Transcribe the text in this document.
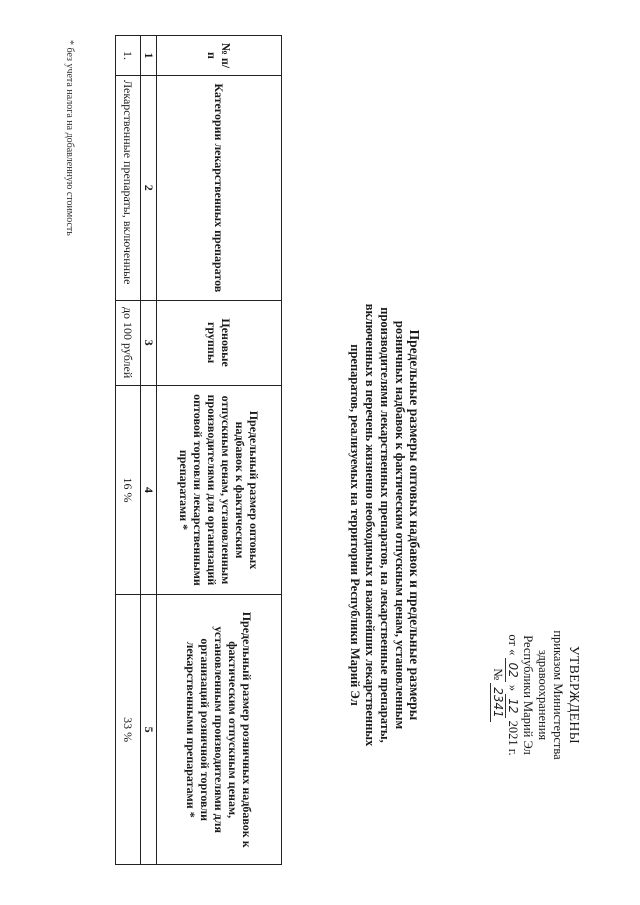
УТВЕРЖДЕНЫ
приказом Министерства
здравоохранения
Республики Марий Эл
от « 02 » 12 2021 г.
№ 2341
Предельные размеры оптовых надбавок и предельные размеры
розничных надбавок к фактическим отпускным ценам, установленным
производителями лекарственных препаратов, на лекарственные препараты,
включенных в перечень жизненно необходимых и важнейших лекарственных
препаратов, реализуемых на территории Республики Марий Эл
№ п/п	Категории лекарственных препаратов	Ценовые группы	Предельный размер оптовых надбавок к фактическим отпускным ценам, установленным производителями для организаций оптовой торговли лекарственными препаратами *	Предельный размер розничных надбавок к фактическим отпускным ценам, установленным производителями для организаций розничной торговли лекарственными препаратами *
1	2	3	4	5
1.	Лекарственные препараты, включенные	до 100 рублей	16 %	33 %
* без учета налога на добавленную стоимость
